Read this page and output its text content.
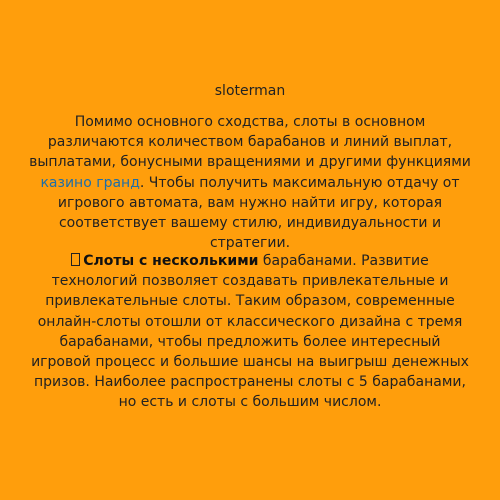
sloterman

Помимо основного сходства, слоты в основном различаются количеством барабанов и линий выплат, выплатами, бонусными вращениями и другими функциями казино гранд. Чтобы получить максимальную отдачу от игрового автомата, вам нужно найти игру, которая соответствует вашему стилю, индивидуальности и стратегии.

Слоты с несколькими барабанами. Развитие технологий позволяет создавать привлекательные и привлекательные слоты. Таким образом, современные онлайн-слоты отошли от классического дизайна с тремя барабанами, чтобы предложить более интересный игровой процесс и большие шансы на выигрыш денежных призов. Наиболее распространены слоты с 5 барабанами, но есть и слоты с большим числом.
